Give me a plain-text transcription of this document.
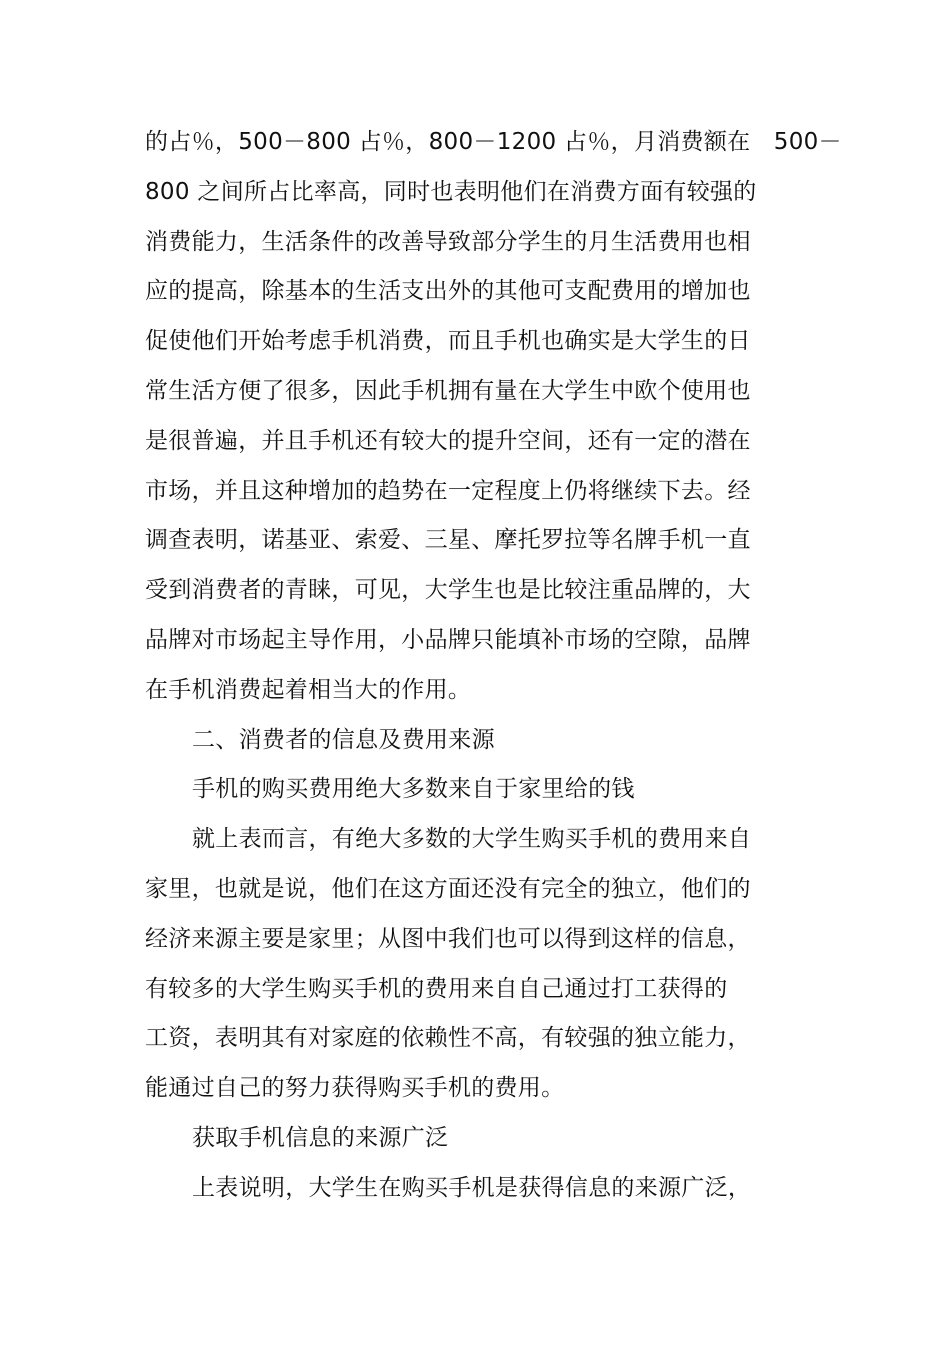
的占％，500－800 占％，800－1200 占％，月消费额在　500－
800 之间所占比率高，同时也表明他们在消费方面有较强的
消费能力，生活条件的改善导致部分学生的月生活费用也相
应的提高，除基本的生活支出外的其他可支配费用的增加也
促使他们开始考虑手机消费，而且手机也确实是大学生的日
常生活方便了很多，因此手机拥有量在大学生中欧个使用也
是很普遍，并且手机还有较大的提升空间，还有一定的潜在
市场，并且这种增加的趋势在一定程度上仍将继续下去。经
调查表明，诺基亚、索爱、三星、摩托罗拉等名牌手机一直
受到消费者的青睐，可见，大学生也是比较注重品牌的，大
品牌对市场起主导作用，小品牌只能填补市场的空隙，品牌
在手机消费起着相当大的作用。
二、消费者的信息及费用来源
手机的购买费用绝大多数来自于家里给的钱
就上表而言，有绝大多数的大学生购买手机的费用来自
家里，也就是说，他们在这方面还没有完全的独立，他们的
经济来源主要是家里；从图中我们也可以得到这样的信息，
有较多的大学生购买手机的费用来自自己通过打工获得的
工资，表明其有对家庭的依赖性不高，有较强的独立能力，
能通过自己的努力获得购买手机的费用。
获取手机信息的来源广泛
上表说明，大学生在购买手机是获得信息的来源广泛，
